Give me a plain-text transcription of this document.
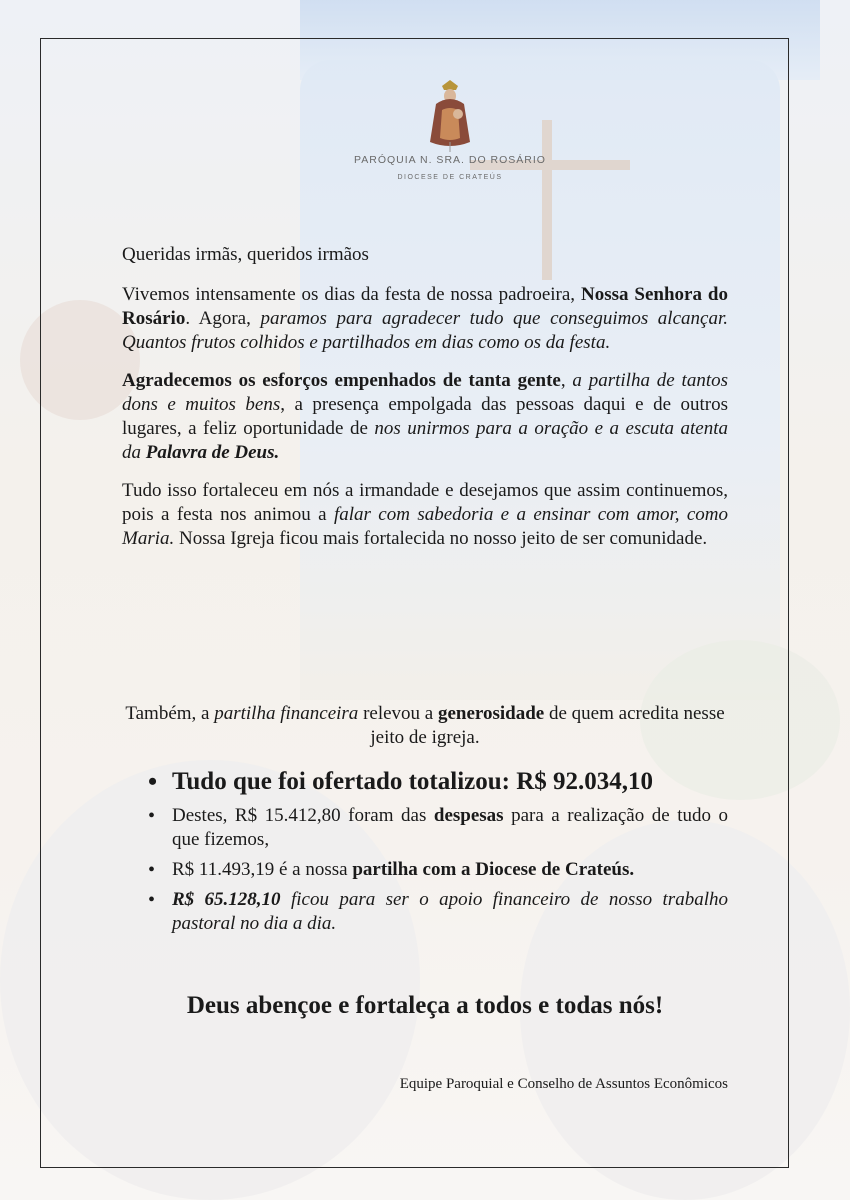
PARÓQUIA N. SRA. DO ROSÁRIO
DIOCESE DE CRATEÚS

Queridas irmãs, queridos irmãos

Vivemos intensamente os dias da festa de nossa padroeira, Nossa Senhora do Rosário. Agora, paramos para agradecer tudo que conseguimos alcançar. Quantos frutos colhidos e partilhados em dias como os da festa.

Agradecemos os esforços empenhados de tanta gente, a partilha de tantos dons e muitos bens, a presença empolgada das pessoas daqui e de outros lugares, a feliz oportunidade de nos unirmos para a oração e a escuta atenta da Palavra de Deus.

Tudo isso fortaleceu em nós a irmandade e desejamos que assim continuemos, pois a festa nos animou a falar com sabedoria e a ensinar com amor, como Maria. Nossa Igreja ficou mais fortalecida no nosso jeito de ser comunidade.

Também, a partilha financeira relevou a generosidade de quem acredita nesse jeito de igreja.
• Tudo que foi ofertado totalizou: R$ 92.034,10
• Destes, R$ 15.412,80 foram das despesas para a realização de tudo o que fizemos,
• R$ 11.493,19 é a nossa partilha com a Diocese de Crateús.
• R$ 65.128,10 ficou para ser o apoio financeiro de nosso trabalho pastoral no dia a dia.
Deus abençoe e fortaleça a todos e todas nós!
Equipe Paroquial e Conselho de Assuntos Econômicos
